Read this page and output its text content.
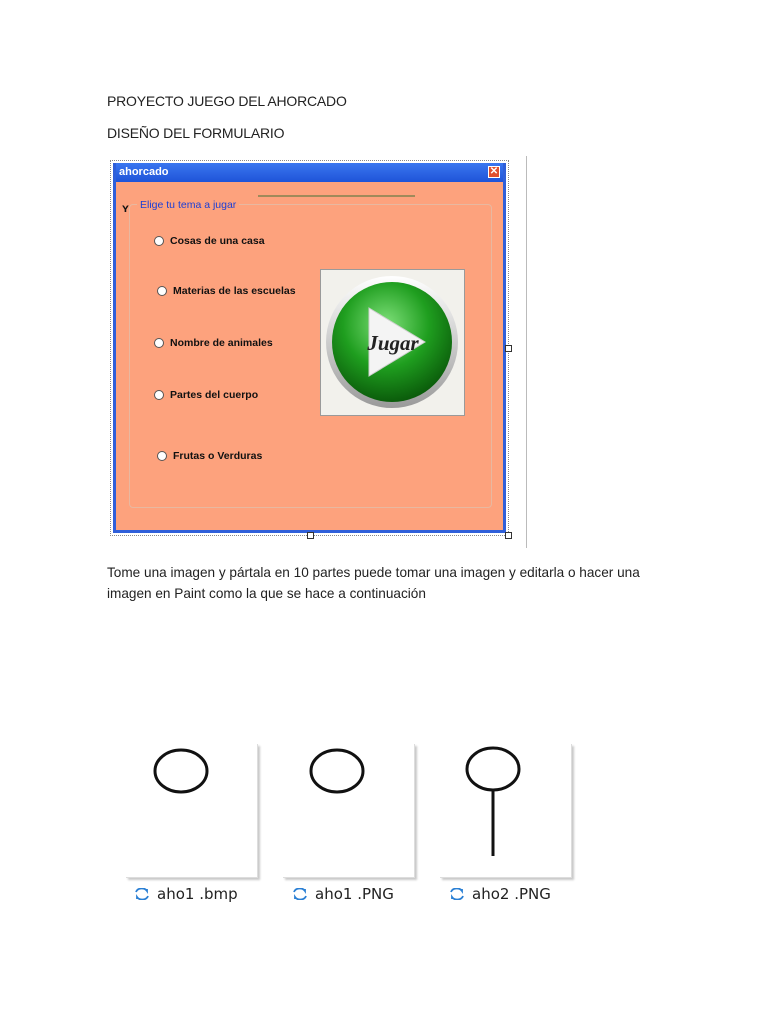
PROYECTO JUEGO DEL AHORCADO
DISEÑO DEL FORMULARIO
ahorcado	✕
ʏ Elige tu tema a jugar
Cosas de una casa
Materias de las escuelas
Nombre de animales
Partes del cuerpo
Frutas o Verduras
Jugar
Tome una imagen y pártala en 10 partes puede tomar una imagen y editarla o hacer una imagen en Paint como la que se hace a continuación
aho1 .bmp	aho1 .PNG	aho2 .PNG
